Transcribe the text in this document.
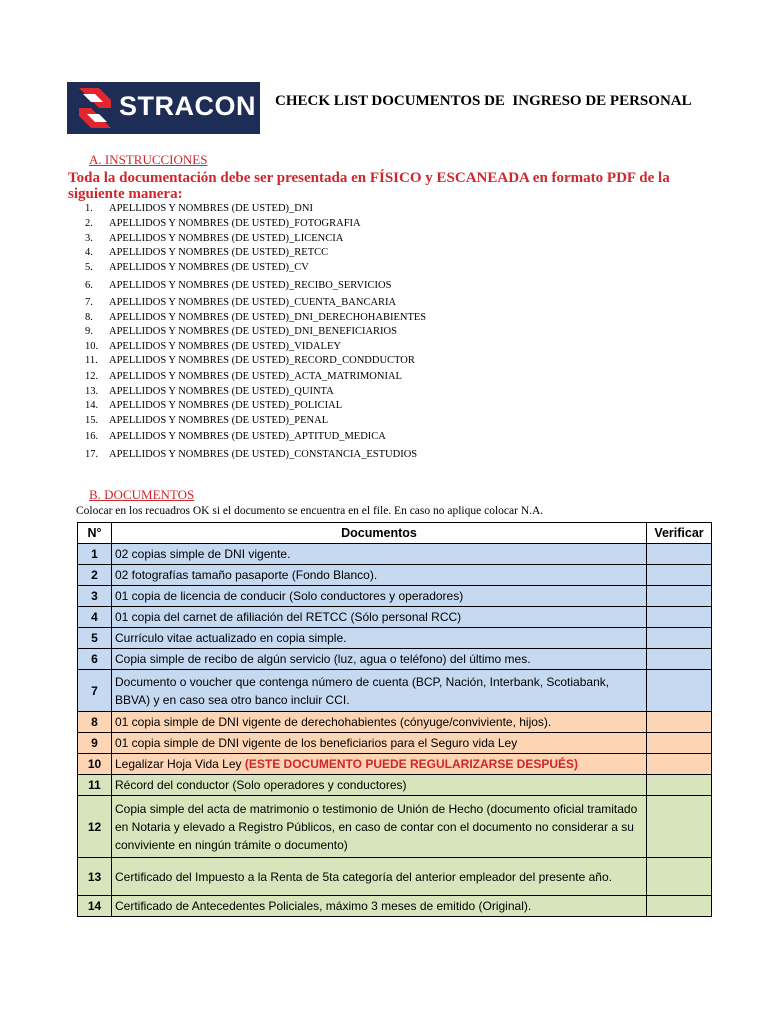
STRACON CHECK LIST DOCUMENTOS DE  INGRESO DE PERSONAL
A. INSTRUCCIONES
Toda la documentación debe ser presentada en FÍSICO y ESCANEADA en formato PDF de la siguiente manera:
1. APELLIDOS Y NOMBRES (DE USTED)_DNI
2. APELLIDOS Y NOMBRES (DE USTED)_FOTOGRAFIA
3. APELLIDOS Y NOMBRES (DE USTED)_LICENCIA
4. APELLIDOS Y NOMBRES (DE USTED)_RETCC
5. APELLIDOS Y NOMBRES (DE USTED)_CV
6. APELLIDOS Y NOMBRES (DE USTED)_RECIBO_SERVICIOS
7. APELLIDOS Y NOMBRES (DE USTED)_CUENTA_BANCARIA
8. APELLIDOS Y NOMBRES (DE USTED)_DNI_DERECHOHABIENTES
9. APELLIDOS Y NOMBRES (DE USTED)_DNI_BENEFICIARIOS
10. APELLIDOS Y NOMBRES (DE USTED)_VIDALEY
11. APELLIDOS Y NOMBRES (DE USTED)_RECORD_CONDDUCTOR
12. APELLIDOS Y NOMBRES (DE USTED)_ACTA_MATRIMONIAL
13. APELLIDOS Y NOMBRES (DE USTED)_QUINTA
14. APELLIDOS Y NOMBRES (DE USTED)_POLICIAL
15. APELLIDOS Y NOMBRES (DE USTED)_PENAL
16. APELLIDOS Y NOMBRES (DE USTED)_APTITUD_MEDICA
17. APELLIDOS Y NOMBRES (DE USTED)_CONSTANCIA_ESTUDIOS
B. DOCUMENTOS
Colocar en los recuadros OK si el documento se encuentra en el file. En caso no aplique colocar N.A.
N°	Documentos	Verificar
1	02 copias simple de DNI vigente.	
2	02 fotografías tamaño pasaporte (Fondo Blanco).	
3	01 copia de licencia de conducir (Solo conductores y operadores)	
4	01 copia del carnet de afiliación del RETCC (Sólo personal RCC)	
5	Currículo vitae actualizado en copia simple.	
6	Copia simple de recibo de algún servicio (luz, agua o teléfono) del último mes.	
7	Documento o voucher que contenga número de cuenta (BCP, Nación, Interbank, Scotiabank, BBVA) y en caso sea otro banco incluir CCI.	
8	01 copia simple de DNI vigente de derechohabientes (cónyuge/conviviente, hijos).	
9	01 copia simple de DNI vigente de los beneficiarios para el Seguro vida Ley	
10	Legalizar Hoja Vida Ley (ESTE DOCUMENTO PUEDE REGULARIZARSE DESPUÉS)	
11	Récord del conductor (Solo operadores y conductores)	
12	Copia simple del acta de matrimonio o testimonio de Unión de Hecho (documento oficial tramitado en Notaria y elevado a Registro Públicos, en caso de contar con el documento no considerar a su conviviente en ningún trámite o documento)	
13	Certificado del Impuesto a la Renta de 5ta categoría del anterior empleador del presente año.	
14	Certificado de Antecedentes Policiales, máximo 3 meses de emitido (Original).	
